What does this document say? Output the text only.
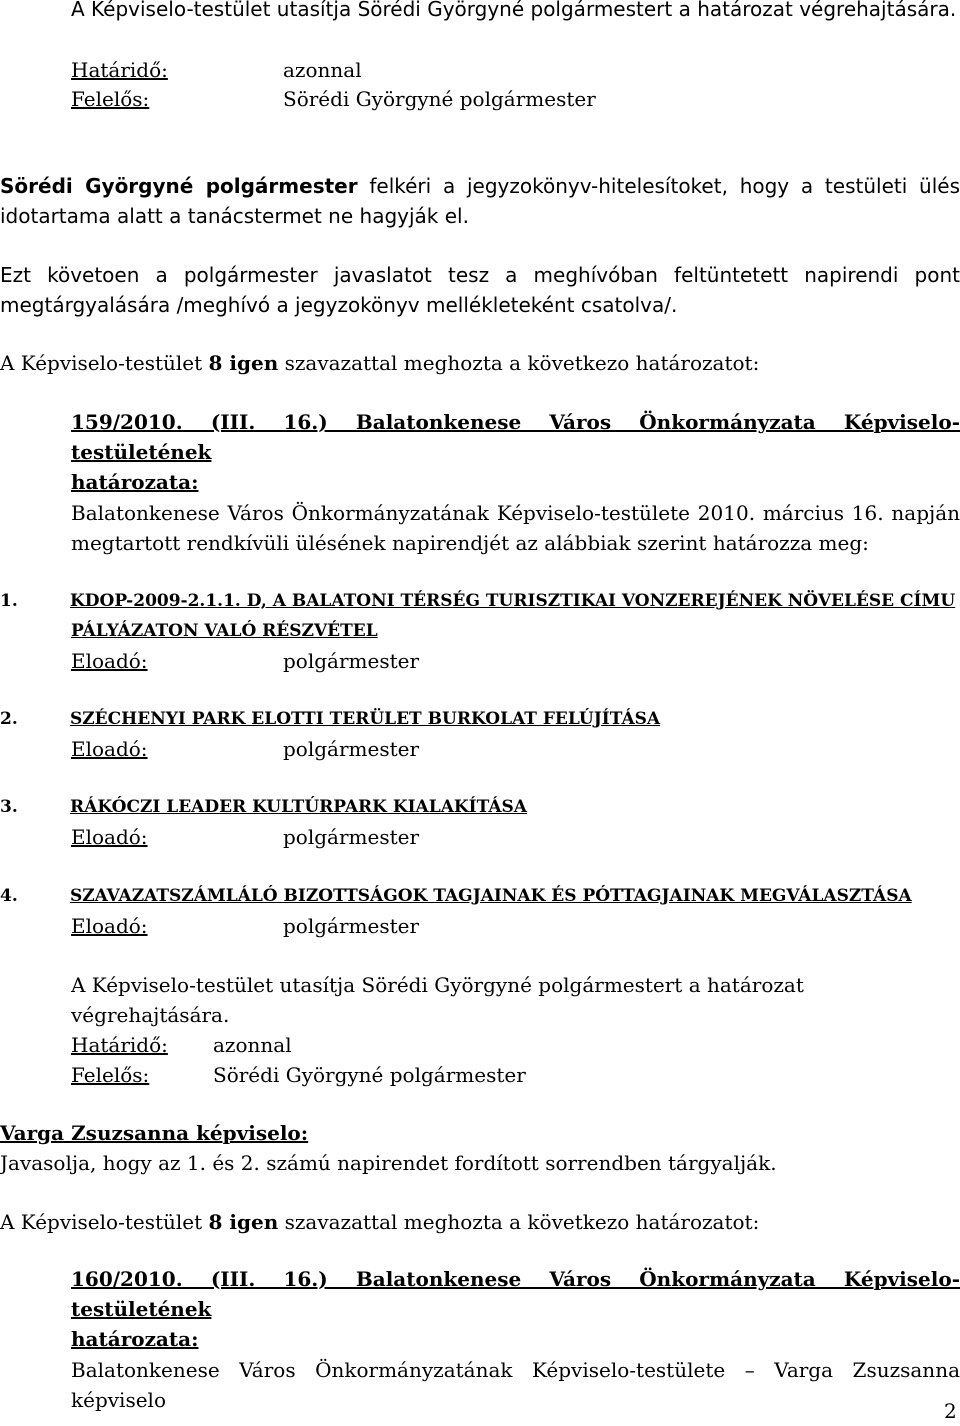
A Képviselo-testület utasítja Sörédi Györgyné polgármestert a határozat végrehajtására.

Határidő:	azonnal
Felelős:	Sörédi Györgyné polgármester
Sörédi Györgyné polgármester felkéri a jegyzokönyv-hitelesítoket, hogy a testületi ülés
idotartama alatt a tanácstermet ne hagyják el.
Ezt követoen a polgármester javaslatot tesz a meghívóban feltüntetett napirendi pont
megtárgyalására /meghívó a jegyzokönyv mellékleteként csatolva/.

A Képviselo-testület 8 igen szavazattal meghozta a következo határozatot:

159/2010. (III. 16.) Balatonkenese Város Önkormányzata Képviselo-testületének
határozata:
Balatonkenese Város Önkormányzatának Képviselo-testülete 2010. március 16. napján
megtartott rendkívüli ülésének napirendjét az alábbiak szerint határozza meg:
1.	KDOP-2009-2.1.1. D, A BALATONI TÉRSÉG TURISZTIKAI VONZEREJÉNEK NÖVELÉSE CÍMU
PÁLYÁZATON VALÓ RÉSZVÉTEL
Eloadó:	polgármester
2.	SZÉCHENYI PARK ELOTTI TERÜLET BURKOLAT FELÚJÍTÁSA
Eloadó:	polgármester
3.	RÁKÓCZI LEADER KULTÚRPARK KIALAKÍTÁSA
Eloadó:	polgármester
4.	SZAVAZATSZÁMLÁLÓ BIZOTTSÁGOK TAGJAINAK ÉS PÓTTAGJAINAK MEGVÁLASZTÁSA
Eloadó:	polgármester

A Képviselo-testület utasítja Sörédi Györgyné polgármestert a határozat végrehajtására.

Határidő: azonnal
Felelős:	Sörédi Györgyné polgármester
Varga Zsuzsanna képviselo:
Javasolja, hogy az 1. és 2. számú napirendet fordított sorrendben tárgyalják.

A Képviselo-testület 8 igen szavazattal meghozta a következo határozatot:

160/2010. (III. 16.) Balatonkenese Város Önkormányzata Képviselo-testületének
határozata:
Balatonkenese Város Önkormányzatának Képviselo-testülete – Varga Zsuzsanna képviselo	2
